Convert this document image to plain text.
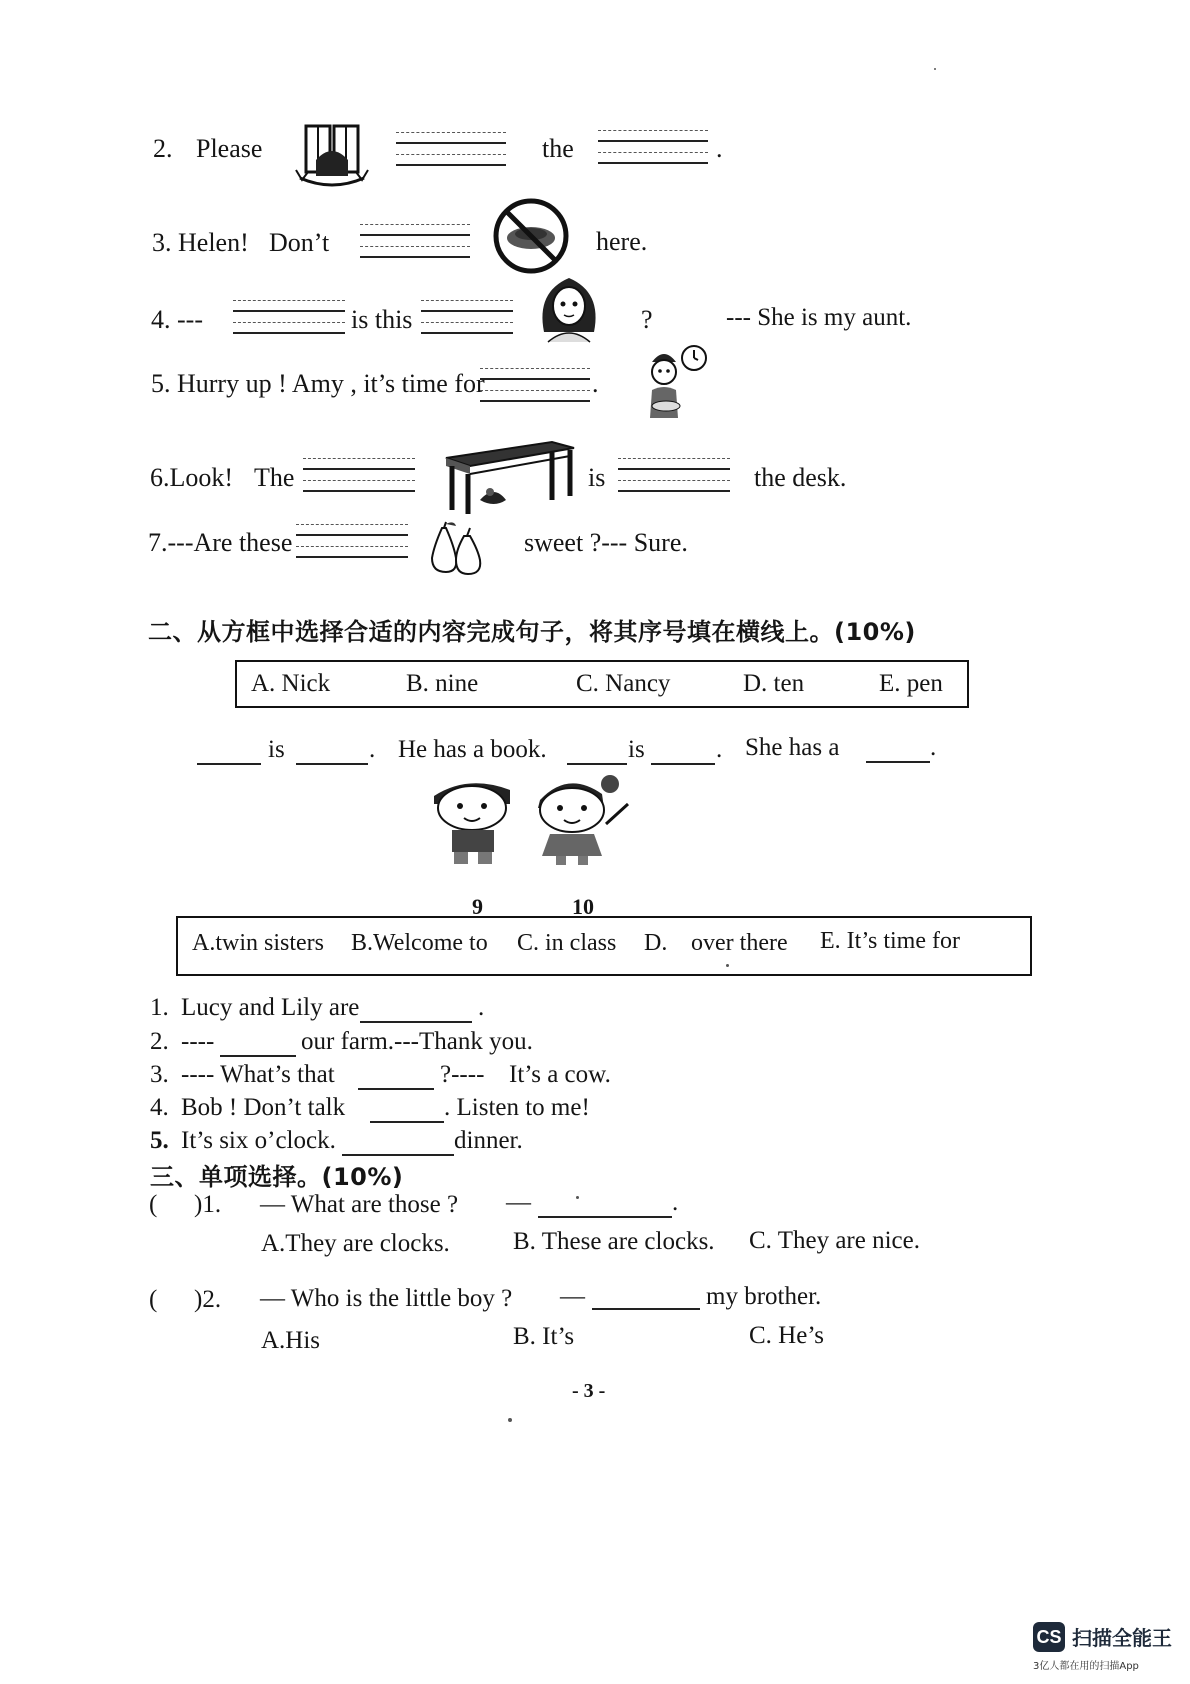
2. Please	the	.
3. Helen! Don’t	here.
4. ---	is this	?	--- She is my aunt.
5. Hurry up ! Amy , it’s time for	.
6.Look! The	is	the desk.
7.---Are these	sweet ?--- Sure.
二、从方框中选择合适的内容完成句子，将其序号填在横线上。(10%)
A. Nick	B. nine	C. Nancy	D. ten	E. pen
is	. He has a book.	is	. She has a	.
9	10
A.twin sisters B.Welcome to C. in class D. over there E. It’s time for
1. Lucy and Lily are	.
2. ----	our farm.---Thank you.
3. ---- What’s that	?---- It’s a cow.
4. Bob ! Don’t talk	. Listen to me!
5. It’s six o’clock.	dinner.
三、单项选择。(10%)
( )1. — What are those ? —	.
A.They are clocks.	B. These are clocks. C. They are nice.
( )2. — Who is the little boy ? —	my brother.
A.His	B. It’s	C. He’s
- 3 -
CS 扫描全能王
3亿人都在用的扫描App
